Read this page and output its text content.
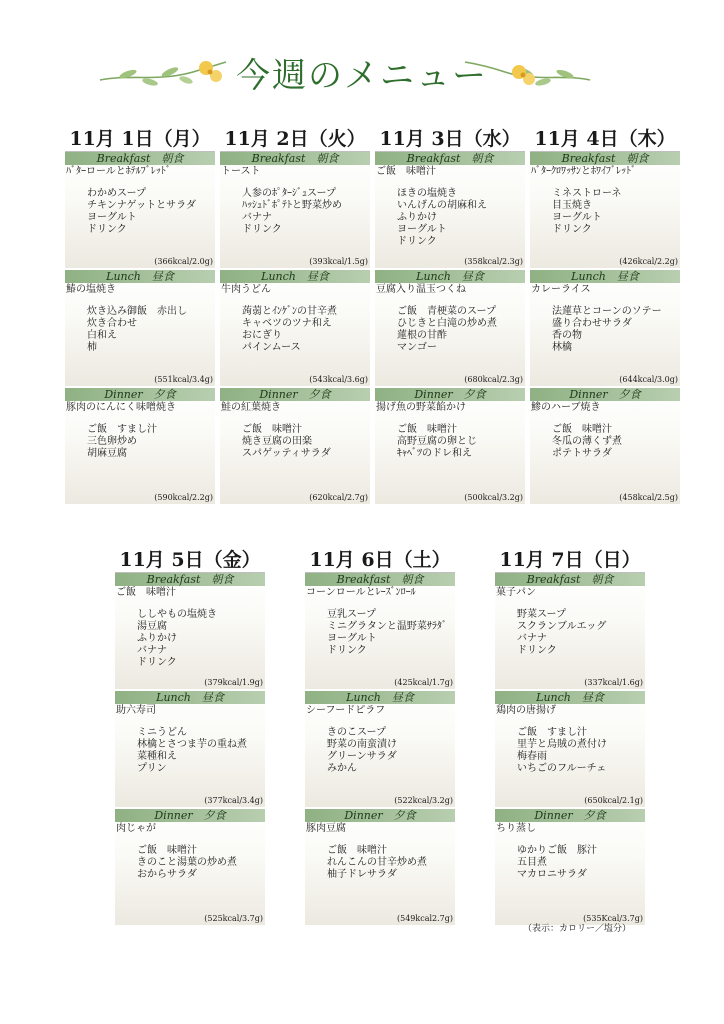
今週のメニュー
11月 1日（月）
Breakfast　朝食
ﾊﾞﾀｰロールとﾎﾃﾙﾌﾞﾚｯﾄﾞ
わかめスープ
チキンナゲットとサラダ
ヨーグルト
ドリンク
(366kcal/2.0g)
Lunch　昼食
鰆の塩焼き
炊き込み御飯　赤出し
炊き合わせ
白和え
柿
(551kcal/3.4g)
Dinner　夕食
豚肉のにんにく味噌焼き
ご飯　すまし汁
三色卵炒め
胡麻豆腐
(590kcal/2.2g)
11月 2日（火）
Breakfast　朝食
トースト
人参のﾎﾟﾀｰｼﾞｭスープ
ﾊｯｼｭﾄﾞﾎﾟﾃﾄと野菜炒め
バナナ
ドリンク
(393kcal/1.5g)
Lunch　昼食
牛肉うどん
蒟蒻とｲﾝｹﾞﾝの甘辛煮
キャベツのツナ和え
おにぎり
パインムース
(543kcal/3.6g)
Dinner　夕食
鮭の紅葉焼き
ご飯　味噌汁
焼き豆腐の田楽
スパゲッティサラダ
(620kcal/2.7g)
11月 3日（水）
Breakfast　朝食
ご飯　味噌汁
ほきの塩焼き
いんげんの胡麻和え
ふりかけ
ヨーグルト
ドリンク
(358kcal/2.3g)
Lunch　昼食
豆腐入り温玉つくね
ご飯　青梗菜のスープ
ひじきと白滝の炒め煮
蓮根の甘酢
マンゴー
(680kcal/2.3g)
Dinner　夕食
揚げ魚の野菜餡かけ
ご飯　味噌汁
高野豆腐の卵とじ
ｷｬﾍﾞﾂのドレ和え
(500kcal/3.2g)
11月 4日（木）
Breakfast　朝食
ﾊﾞﾀｰｸﾛﾜｯｻﾝとﾎﾜｲﾌﾞﾚｯﾄﾞ
ミネストローネ
目玉焼き
ヨーグルト
ドリンク
(426kcal/2.2g)
Lunch　昼食
カレーライス
法蓮草とコーンのソテー
盛り合わせサラダ
香の物
林檎
(644kcal/3.0g)
Dinner　夕食
鯵のハーブ焼き
ご飯　味噌汁
冬瓜の薄くず煮
ポテトサラダ
(458kcal/2.5g)
11月 5日（金）
Breakfast　朝食
ご飯　味噌汁
ししやもの塩焼き
湯豆腐
ふりかけ
バナナ
ドリンク
(379kcal/1.9g)
Lunch　昼食
助六寿司
ミニうどん
林檎とさつま芋の重ね煮
菜種和え
プリン
(377kcal/3.4g)
Dinner　夕食
肉じゃが
ご飯　味噌汁
きのこと湯葉の炒め煮
おからサラダ
(525kcal/3.7g)
11月 6日（土）
Breakfast　朝食
コーンロールとﾚｰｽﾞﾝﾛｰﾙ
豆乳スープ
ミニグラタンと温野菜ｻﾗﾀﾞ
ヨーグルト
ドリンク
(425kcal/1.7g)
Lunch　昼食
シーフードピラフ
きのこスープ
野菜の南蛮漬け
グリーンサラダ
みかん
(522kcal/3.2g)
Dinner　夕食
豚肉豆腐
ご飯　味噌汁
れんこんの甘辛炒め煮
柚子ドレサラダ
(549kcal2.7g)
11月 7日（日）
Breakfast　朝食
菓子パン
野菜スープ
スクランブルエッグ
バナナ
ドリンク
(337kcal/1.6g)
Lunch　昼食
鶏肉の唐揚げ
ご飯　すまし汁
里芋と烏賊の煮付け
梅春雨
いちごのフルーチェ
(650kcal/2.1g)
Dinner　夕食
ちり蒸し
ゆかりご飯　豚汁
五目煮
マカロニサラダ
(535Kcal/3.7g)
（表示：カロリー／塩分）
